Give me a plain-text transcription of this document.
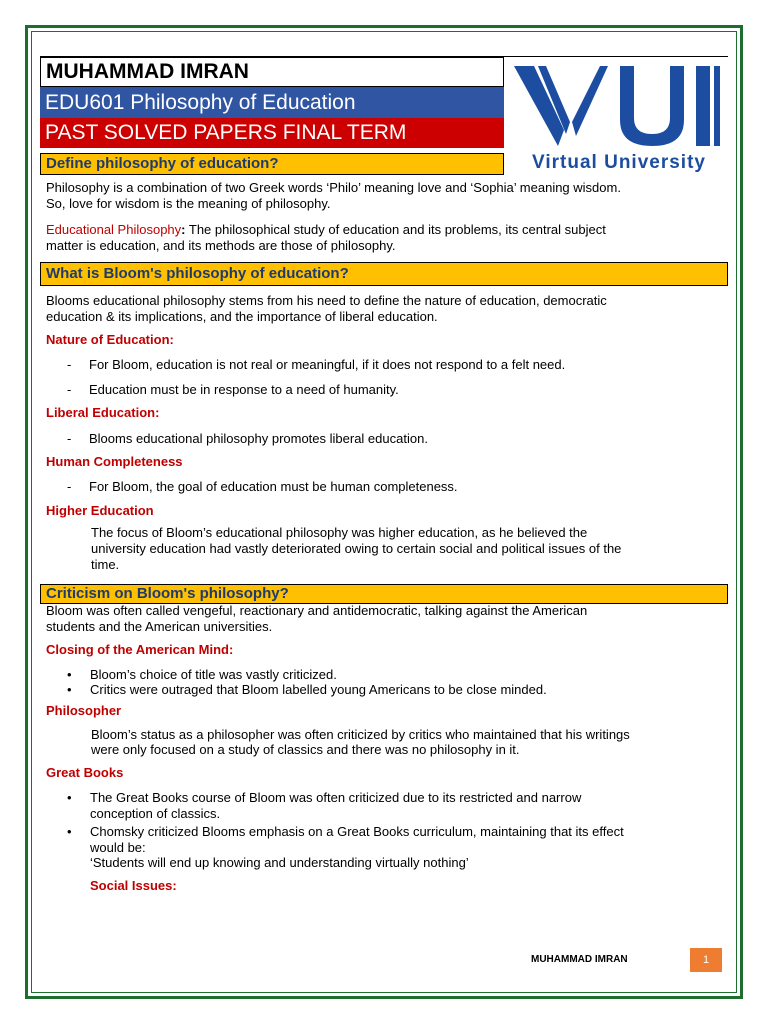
MUHAMMAD IMRAN
EDU601 Philosophy of Education
PAST SOLVED PAPERS FINAL TERM
Virtual University
Define philosophy of education?
Philosophy is a combination of two Greek words ‘Philo’ meaning love and ‘Sophia’ meaning wisdom.
So, love for wisdom is the meaning of philosophy.
Educational Philosophy: The philosophical study of education and its problems, its central subject
matter is education, and its methods are those of philosophy.
What is Bloom's philosophy of education?
Blooms educational philosophy stems from his need to define the nature of education, democratic
education & its implications, and the importance of liberal education.
Nature of Education:
- For Bloom, education is not real or meaningful, if it does not respond to a felt need.
- Education must be in response to a need of humanity.
Liberal Education:
- Blooms educational philosophy promotes liberal education.
Human Completeness
- For Bloom, the goal of education must be human completeness.
Higher Education
The focus of Bloom’s educational philosophy was higher education, as he believed the
university education had vastly deteriorated owing to certain social and political issues of the
time.
Criticism on Bloom's philosophy?
Bloom was often called vengeful, reactionary and antidemocratic, talking against the American
students and the American universities.
Closing of the American Mind:
• Bloom’s choice of title was vastly criticized.
• Critics were outraged that Bloom labelled young Americans to be close minded.
Philosopher
Bloom’s status as a philosopher was often criticized by critics who maintained that his writings
were only focused on a study of classics and there was no philosophy in it.
Great Books
• The Great Books course of Bloom was often criticized due to its restricted and narrow
conception of classics.
• Chomsky criticized Blooms emphasis on a Great Books curriculum, maintaining that its effect
would be:
‘Students will end up knowing and understanding virtually nothing’
Social Issues:
MUHAMMAD IMRAN	1
